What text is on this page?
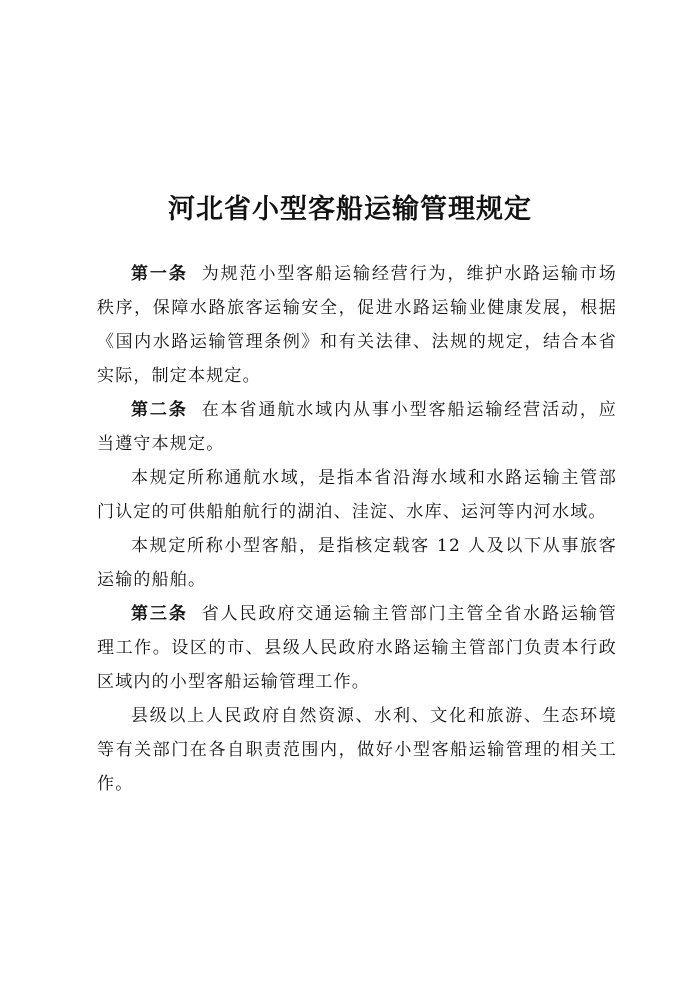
河北省小型客船运输管理规定

第一条 为规范小型客船运输经营行为，维护水路运输市场秩序，保障水路旅客运输安全，促进水路运输业健康发展，根据《国内水路运输管理条例》和有关法律、法规的规定，结合本省实际，制定本规定。

第二条 在本省通航水域内从事小型客船运输经营活动，应当遵守本规定。

本规定所称通航水域，是指本省沿海水域和水路运输主管部门认定的可供船舶航行的湖泊、洼淀、水库、运河等内河水域。

本规定所称小型客船，是指核定载客 12 人及以下从事旅客运输的船舶。

第三条 省人民政府交通运输主管部门主管全省水路运输管理工作。设区的市、县级人民政府水路运输主管部门负责本行政区域内的小型客船运输管理工作。

县级以上人民政府自然资源、水利、文化和旅游、生态环境等有关部门在各自职责范围内，做好小型客船运输管理的相关工作。
